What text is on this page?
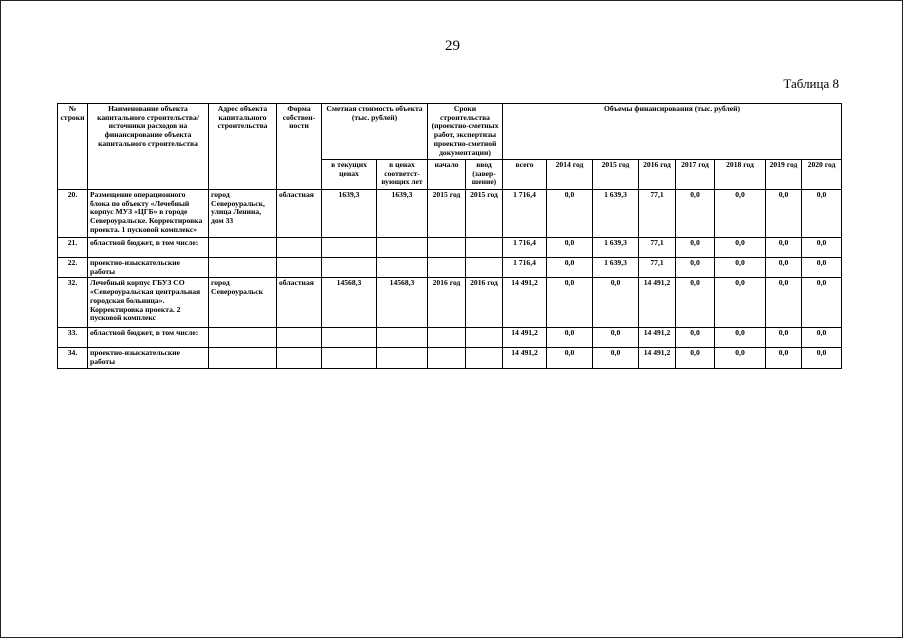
29
Таблица 8
№ строки	Наименование объекта капитального строительства/ источники расходов на финансирование объекта капитального строительства	Адрес объекта капитального строительства	Форма собствен-ности	Сметная стоимость объекта (тыс. рублей)		Сроки строительства (проектно-сметных работ, экспертизы проектно-сметной документации)		Объемы финансирования (тыс. рублей)							
				в текущих ценах	в ценах соответст-вующих лет	начало	ввод (завер-шение)	всего	2014 год	2015 год	2016 год	2017 год	2018 год	2019 год	2020 год
20.	Размещение операционного блока по объекту «Лечебный корпус МУЗ «ЦГБ» в городе Североуральске. Корректировка проекта. 1 пусковой комплекс»	город Североуральск, улица Ленина, дом 33	областная	1639,3	1639,3	2015 год	2015 год	1 716,4	0,0	1 639,3	77,1	0,0	0,0	0,0	0,0
21.	областной бюджет, в том числе:							1 716,4	0,0	1 639,3	77,1	0,0	0,0	0,0	0,0
22.	проектно-изыскательские работы							1 716,4	0,0	1 639,3	77,1	0,0	0,0	0,0	0,0
32.	Лечебный корпус ГБУЗ СО «Североуральская центральная городская больница». Корректировка проекта. 2 пусковой комплекс	город Североуральск	областная	14568,3	14568,3	2016 год	2016 год	14 491,2	0,0	0,0	14 491,2	0,0	0,0	0,0	0,0
33.	областной бюджет, в том числе:							14 491,2	0,0	0,0	14 491,2	0,0	0,0	0,0	0,0
34.	проектно-изыскательские работы							14 491,2	0,0	0,0	14 491,2	0,0	0,0	0,0	0,0
